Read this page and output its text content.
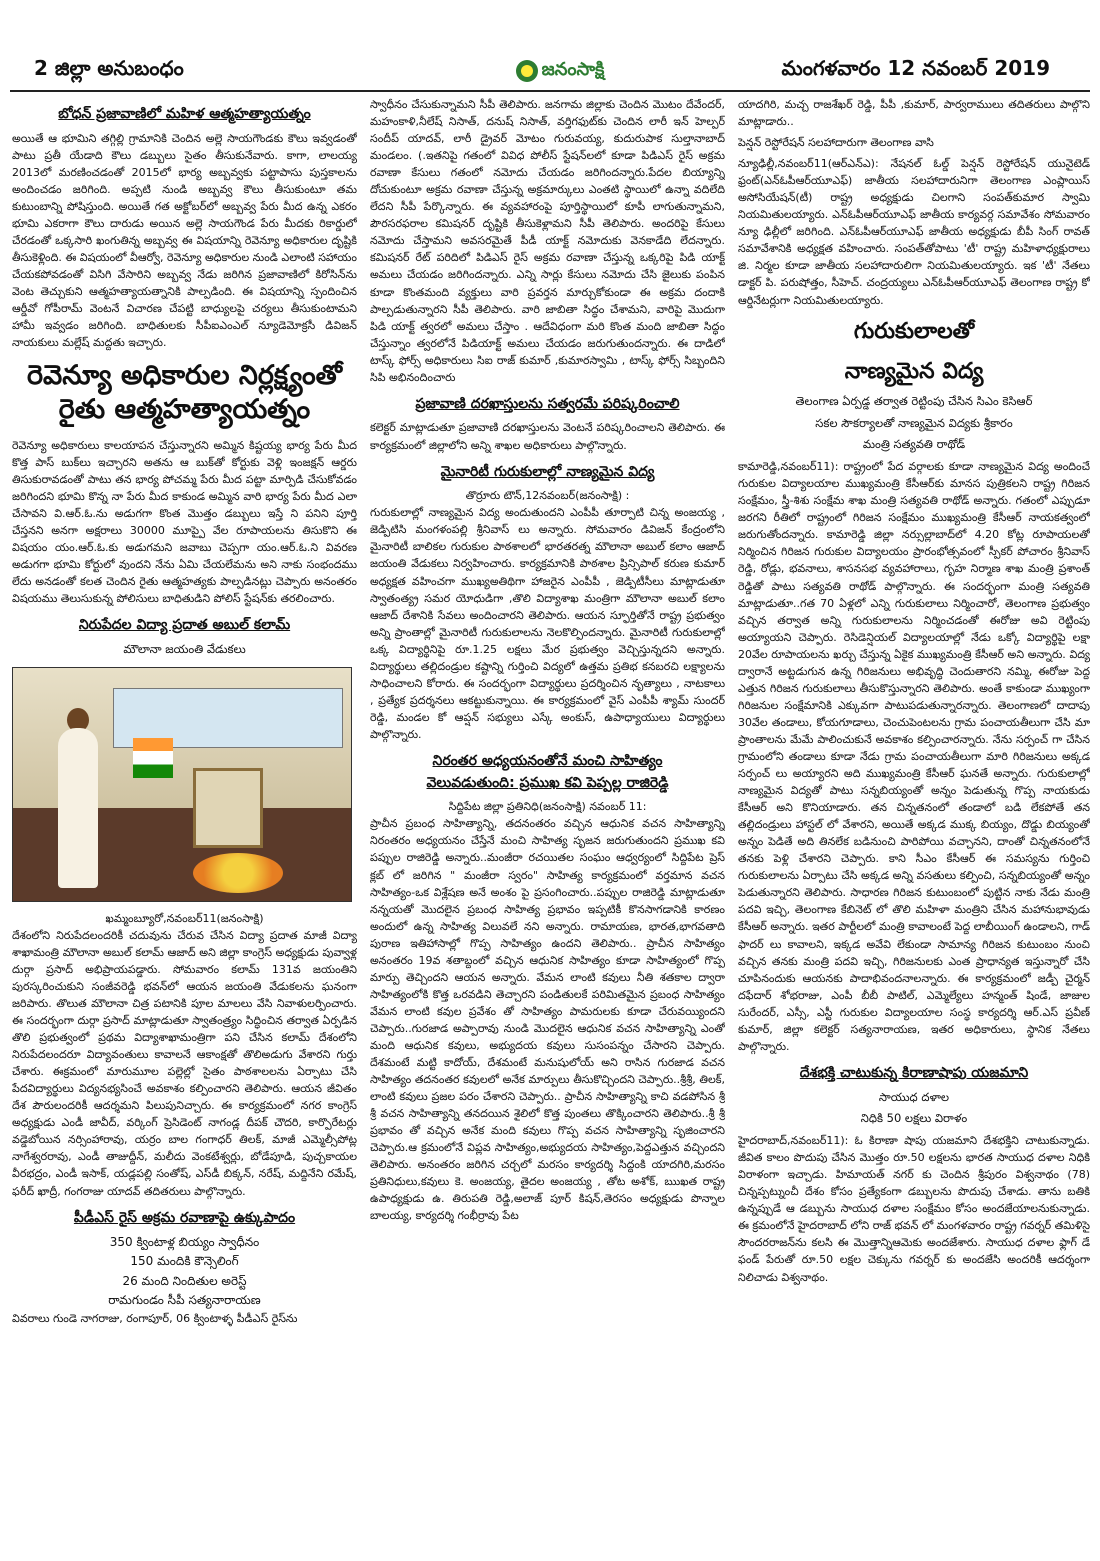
2 జిల్లా అనుబంధం	జనంసాక్షి	మంగళవారం 12 నవంబర్ 2019
బోధన్ ప్రజావాణిలో మహిళ ఆత్మహత్యాయత్నం

అయితే ఆ భూమిని తగ్గిల్లి గ్రామానికి చెందిన అల్లె సాయగౌండకు కౌలు ఇవ్వడంతో పాటు ప్రతీ యేడాది కౌలు డబ్బులు సైతం తీసుకునేవారు. కాగా, లాలయ్య 2013లో మరణించడంతో 2015లో భార్య అబ్బవ్వకు పట్టాపాసు పుస్తకాలను అందించడం జరిగింది. అప్పటి నుండి అబ్బవ్వ కౌలు తీసుకుంటూ తమ కుటుంబాన్ని పోషిస్తుంది. అయితే గత అక్టోబర్‌లో అబ్బవ్వ పేరు మీద ఉన్న ఎకరం భూమి ఎకరాగా కౌలు దారుడు అయిన అల్లె సాయగౌండ పేరు మీదకు రికార్డులో చేరడంతో ఒక్కసారి ఖంగుతిన్న అబ్బవ్వ ఈ విషయాన్ని రెవెన్యూ అధికారుల దృష్టికి తీసుకెళ్లింది. ఈ విషయంలో వీఆర్వో, రెవెన్యూ అధికారుల నుండి ఎలాంటి సహాయం చేయకపోవడంతో విసిగి వేసారిని అబ్బవ్వ నేడు జరిగిన ప్రజావాణిలో కిరోసిన్‌ను వెంట తెచ్చుకుని ఆత్మహత్యాయత్నానికి పాల్పడింది. ఈ విషయాన్ని స్పందించిన ఆర్డీవో గోపీరామ్ వెంటనే విచారణ చేపట్టి బాధ్యులపై చర్యలు తీసుకుంటామని హామీ ఇవ్వడం జరిగింది. బాధితులకు సీపీఐఎంఎల్ న్యూడెమోక్రసీ డివిజన్ నాయకులు మల్లేష్ మద్దతు ఇచ్చారు.

రెవెన్యూ అధికారుల నిర్లక్ష్యంతో
రైతు ఆత్మహత్యాయత్నం

రెవెన్యూ అధికారులు కాలయాపన చేస్తున్నారని అమ్మిన కిష్టయ్య భార్య పేరు మీద కొత్త పాస్ బుక్‌లు ఇచ్చారని అతను ఆ బుక్‌తో కోర్టుకు వెళ్లి ఇంజక్షన్ ఆర్డరు తిసుకురావడంతో పాటు తన భార్య పోచమ్మ పేరు మీద పట్టా మార్పిడి చేసుకోవడం జరిగిందని భూమి కొన్న నా పేరు మీద కాకుండ అమ్మిన వారి భార్య పేరు మీద ఎలా చేసావని వి.ఆర్.ఓ.ను అడుగగా కొంత మొత్తం డబ్బులు ఇస్తే ని పనిని పూర్తి చేస్తనని అనగా అక్షరాలు 30000 మూప్పై వేల రూపాయలను తిసుకొని ఈ విషయం యం.ఆర్.ఓ.కు అడుగమని జవాబు చెప్పగా యం.ఆర్.ఓ.ని వివరణ అడుగగా భూమి కోర్టులో వుందని నేను ఏమి చేయలేమను అని నాకు సంభందము లేదు అనడంతో కలత చెందిన రైతు ఆత్మహత్యకు పాల్పడినట్లు చెప్పారు అనంతరం విషయము తెలుసుకున్న పోలిసులు బాధితుడిని పోలిస్ స్టేషన్‌కు తరలించారు.

నిరుపేదల విద్యా ప్రదాత అబుల్ కలామ్
మౌలానా జయంతి వేడుకలు
ఖమ్మంబ్యూరో,నవంబర్11(జనంసాక్షి)

దేశంలోని నిరుపేదలందరికీ చదువును చేరువ చేసిన విద్యా ప్రదాత మాజీ విద్యా శాఖామంత్రి మౌలానా అబుల్ కలామ్ ఆజాద్ అని జిల్లా కాంగ్రెస్ అధ్యక్షుడు పువ్వాళ్ల దుర్గా ప్రసాద్ అభిప్రాయపడ్డారు. సోమవారం కలామ్ 131వ జయంతిని పురస్కరించుకుని సంజీవరెడ్డి భవన్‌లో ఆయన జయంతి వేడుకలను ఘనంగా జరిపారు. తొలుత మౌలానా చిత్ర పటానికి పూల మాలలు వేసి నివాళులర్పించారు. ఈ సందర్భంగా దుర్గా ప్రసాద్ మాట్లాడుతూ స్వాతంత్ర్యం సిద్ధించిన తర్వాత ఏర్పడిన తొలి ప్రభుత్వంలో ప్రథమ విద్యాశాఖామంత్రిగా పని చేసిన కలామ్ దేశంలోని నిరుపేదలందరూ విద్యావంతులు కావాలనే ఆకాంక్షతో తొలిఅడుగు వేశారని గుర్తు చేశారు. ఈక్రమంలో మారుమూల పల్లెల్లో సైతం పాఠశాలలను ఏర్పాటు చేసి పేదవిద్యార్థులు విద్యనభ్యసించే అవకాశం కల్పించారని తెలిపారు. ఆయన జీవితం దేశ పౌరులందరికీ ఆదర్శమని పిలుపునిచ్చారు. ఈ కార్యక్రమంలో నగర కాంగ్రెస్ అధ్యక్షుడు ఎండీ జావీద్, వర్కింగ్ ప్రెసిడెంట్ నాగండ్ల దీపక్ చౌదరి, కార్పొరేటర్లు వడ్డెబోయిన నర్సింహారావు, యర్రం బాల గంగాధర్ తిలక్, మాజీ ఎమ్మెల్సీపోట్ల నాగేశ్వరరావు, ఎండీ తాజుద్దీన్, మలీదు వెంకటేశ్వర్లు, బోడేపూడి, పుచ్చకాయల వీరభద్రం, ఎండీ ఇసాక్, యడ్లపల్లి సంతోష్, ఎస్‌డీ బిక్కన్, నరేష్, మద్దినేని రమేష్, ఫరీద్ ఖాద్రీ, గంగరాజు యాదవ్ తదితరులు పాల్గొన్నారు.

పీడీఎస్ రైస్ అక్రమ రవాణాపై ఉక్కుపాదం
350 క్వింటాళ్ల బియ్యం స్వాధీనం
150 మందికి కౌన్సెలింగ్
26 మంది నిందితుల అరెస్ట్
రామగుండం సీపీ సత్యనారాయణ

వివరాలు గుండె నాగరాజు, రంగాపూర్, 06 క్వింటాళ్ళ పీడీఎస్ రైస్‌ను

స్వాధీనం చేసుకున్నామని సీపీ తెలిపారు. జనగామ జిల్లాకు చెందిన మొటం దేవేందర్, మహంకాళి,నీలేష్ నిసాత్, దనుష్ నిసాత్, వర్తిగఫుట్‌కు చెందిన లారీ ఇన్ హెల్పర్ సందీప్ యాదవ్, లారీ డ్రైవర్ మోటం గురువయ్య, కుదురుపాక సుల్తానాబాద్ మండలం. (.ఇతనిపై గతంలో వివిధ పోలీస్ స్టేషన్‌లలో కూడా పిడిఎస్ రైస్ అక్రమ రవాణా కేసులు గతంలో నమోదు చేయడం జరిగిందన్నారు.పేదల బియ్యాన్ని దోచుకుంటూ అక్రమ రవాణా చేస్తున్న అక్రమార్కులు ఎంతటి స్థాయిలో ఉన్నా వదిలేది లేదని సీపీ పేర్కొన్నారు. ఈ వ్యవహారంపై పూర్తిస్థాయిలో కూపీ లాగుతున్నామని, పౌరసరఫరాల కమిషనర్ దృష్టికి తీసుకెళ్లామని సీపీ తెలిపారు. అందరిపై కేసులు నమోదు చేస్తామని అవసరమైతే పీడీ యాక్ట్ నమోదుకు వెనకాడేది లేదన్నారు. కమిషనర్ రేట్ పరిదిలో పిడిఎస్ రైస్ అక్రమ రవాణా చేస్తున్న ఒక్కరిపై పిడి యాక్ట్ అమలు చేయడం జరిగిందన్నారు. ఎన్ని సార్లు కేసులు నమోదు చేసి జైలుకు పంపిన కూడా కొంతమంది వ్యక్తులు వారి ప్రవర్తన మార్చుకోకుండా ఈ అక్రమ దందాకి పాల్పడుతున్నారని సీపీ తెలిపారు. వారి జాబితా సిద్ధం చేశామని, వారిపై మెుదుగా పిడి యాక్ట్ త్వరలో అమలు చేస్తాం . ఆదేవిధంగా మరి కొంత మంది జాబితా సిద్ధం చేస్తున్నాం త్వరలోనే పిడియాక్ట్ అమలు చేయడం జరుగుతుందన్నారు. ఈ దాడిలో టాస్క్ ఫోర్స్ అధికారులు సిఐ రాజ్ కుమార్ ,కుమారస్వామి , టాస్క్ ఫోర్స్ సిబ్బందిని సిపి అభినందించారు

ప్రజావాణి దరఖాస్తులను సత్వరమే పరిష్కరించాలి

కలెక్టర్ మాట్లాడుతూ ప్రజావాణి దరఖాస్తులను వెంటనే పరిష్కరించాలని తెలిపారు. ఈ కార్యక్రమంలో జిల్లాలోని అన్ని శాఖల అధికారులు పాల్గొన్నారు.

మైనారిటీ గురుకులాల్లో నాణ్యమైన విద్య
తొర్రూరు టౌన్,12నవంబర్(జనంసాక్షి) :

గురుకులాల్లో నాణ్యమైన విద్య అందుతుందని ఎంపీపీ తూర్పాటి చిన్న అంజయ్య , జెడ్పిటిసి మంగళంపల్లి శ్రీనివాస్ లు అన్నారు. సోమవారం డివిజన్ కేంద్రంలోని మైనారిటీ బాలికల గురుకుల పాఠశాలలో భారతరత్న మౌలానా అబుల్ కలాం ఆజాద్ జయంతి వేడుకలు నిర్వహించారు. కార్యక్రమానికి పాఠశాల ప్రిన్సిపాల్ కరుణ కుమార్ అధ్యక్షత వహించగా ముఖ్యఅతిథిగా హాజరైన ఎంపీపీ , జెడ్పిటీసీలు మాట్లాడుతూ స్వాతంత్య్ర సమర యోధుడిగా ,తొలి విద్యాశాఖ మంత్రిగా మౌలానా అబుల్ కలాం ఆజాద్ దేశానికి సేవలు అందించారని తెలిపారు. ఆయన స్ఫూర్తితోనే రాష్ట్ర ప్రభుత్వం అన్ని ప్రాంతాల్లో మైనారిటీ గురుకులాలను నెలకొల్పిందన్నారు. మైనారిటీ గురుకులాల్లో ఒక్క విద్యార్థినిపై రూ.1.25 లక్షలు మేర ప్రభుత్వం వెచ్చిస్తున్నదని అన్నారు. విద్యార్థులు తల్లిదండ్రుల కష్టాన్ని గుర్తించి విద్యలో ఉత్తమ ప్రతిభ కనబరచి లక్ష్యాలను సాధించాలని కోరారు. ఈ సందర్భంగా విద్యార్థులు ప్రదర్శించిన నృత్యాలు , నాటకాలు , ప్రత్యేక ప్రదర్శనలు ఆకట్టుకున్నాయి. ఈ కార్యక్రమంలో వైస్ ఎంపీపీ శ్యామ్ సుందర్ రెడ్డి, మండల కో ఆప్షన్ సభ్యులు ఎస్కే అంకుస్, ఉపాధ్యాయులు విద్యార్థులు పాల్గొన్నారు.

నిరంతర అధ్యయనంతోనే మంచి సాహిత్యం
వెలువడుతుంది: ప్రముఖ కవి పెప్పల్ల రాజిరెడ్డి
సిద్దిపేట జిల్లా ప్రతినిధి(జనంసాక్షి) నవంబర్ 11:

ప్రాచీన ప్రబంధ సాహిత్యాన్ని, తదనంతరం వచ్చిన ఆధునిక వచన సాహిత్యాన్ని నిరంతరం అధ్యయనం చేస్తేనే మంచి సాహిత్య సృజన జరుగుతుందని ప్రముఖ కవి పప్పుల రాజిరెడ్డి అన్నారు..మంజీరా రచయితల సంఘం ఆధ్వర్యంలో సిద్దిపేట ప్రెస్ క్లబ్ లో జరిగిన " మంజీరా స్వరం" సాహిత్య కార్యక్రమంలో వర్తమాన వచన సాహిత్యం-ఒక విశ్లేషణ అనే అంశం పై ప్రసంగించారు..పప్పుల రాజిరెడ్డి మాట్లాడుతూ నన్నయతో మొదలైన ప్రబంధ సాహిత్య ప్రభావం ఇప్పటికీ కొనసాగడానికి కారణం అందులో ఉన్న సాహిత్య విలువలే నని అన్నారు. రామాయణ, భారత,భాగవతాది పురాణ ఇతిహాసాల్లో గొప్ప సాహిత్యం ఉందని తెలిపారు.. ప్రాచీన సాహిత్యం అనంతరం 19వ శతాబ్దంలో వచ్చిన ఆధునిక సాహిత్యం కూడా సాహిత్యంలో గొప్ప మార్పు తెచ్చిందని ఆయన అన్నారు. వేమన లాంటి కవులు నీతి శతకాల ద్వారా సాహిత్యంలోకి కొత్త ఒరవడిని తెచ్చారని పండితులకే పరిమితమైన ప్రబంధ సాహిత్యం వేమన లాంటి కవుల ప్రవేశం తో సాహిత్యం పామరులకు కూడా చేరువయ్యిందని చెప్పారు..గురజాడ అప్పారావు నుండి మొదలైన ఆధునిక వచన సాహిత్యాన్ని ఎంతో మంది ఆధునిక కవులు, అభ్యుదయ కవులు సుసంపన్నం చేసారని చెప్పారు. దేశమంటే మట్టి కాదోయ్, దేశమంటే మనుషులోయ్ అని రాసిన గురజాడ వచన సాహిత్యం తదనంతర కవులలో అనేక మార్పులు తీసుకొచ్చిందని చెప్పారు..శ్రీశ్రీ, తిలక్, లాంటి కవులు ప్రజల పరం చేశారని చెప్పారు.. ప్రాచీన సాహిత్యాన్ని కాచి వడపోసిన శ్రీ శ్రీ వచన సాహిత్యాన్ని తనదయిన శైలిలో కొత్త పుంతలు తొక్కించారని తెలిపారు..శ్రీ శ్రీ ప్రభావం తో వచ్చిన అనేక మంది కవులు గొప్ప వచన సాహిత్యాన్ని సృజించారని చెప్పారు.ఆ క్రమంలోనే విప్లవ సాహిత్యం,అభ్యుదయ సాహిత్యం,పెద్దఎత్తున వచ్చిందని తెలిపారు. అనంతరం జరిగిన చర్చలో మరసం కార్యదర్శి సిద్దంకి యాదగిరి,మరసం ప్రతినిధులు,కవులు కె. అంజయ్య, తైదల అంజయ్య , తోట అశోక్, ఋఖత రాష్ట్ర ఉపాధ్యక్షుడు ఉ. తిరుపతి రెడ్డి,అలాజ్ పూర్ కిషన్,తెరసం అధ్యక్షుడు పొన్నాల బాలయ్య, కార్యదర్శి గంభీర్రావు పేట

యాదగిరి, మచ్చ రాజశేఖర్ రెడ్డి, పీపీ ,కుమార్, పార్వరాములు తదితరులు పాల్గొని మాట్లాడారు..

పెన్షన్ రెస్టోరేషన్ సలహాదారుగా తెలంగాణ వాసి

న్యూఢిల్లీ,నవంబర్11(ఆర్ఎన్ఎ): నేషనల్ ఓల్డ్ పెన్షన్ రెస్టోరేషన్ యునైటెడ్ ఫ్రంట్(ఎన్ఓపీఆర్‌యూఎఫ్) జాతీయ సలహాదారునిగా తెలంగాణ ఎంప్లాయిస్ అసోసియేషన్(టీ) రాష్ట్ర అధ్యక్షుడు చిలగాని సంపత్‌కుమార స్వామి నియమితులయ్యారు. ఎన్ఓపీఆర్‌యూఎఫ్ జాతీయ కార్యవర్గ సమావేశం సోమవారం న్యూ ఢిల్లీలో జరిగింది. ఎన్ఓపీఆర్‌యూఎఫ్ జాతీయ అధ్యక్షుడు బీపీ సింగ్ రావత్ సమావేశానికి అధ్యక్షత వహించారు. సంపత్‌తోపాటు 'టీ' రాష్ట్ర మహిళాధ్యక్షురాలు జి. నిర్మల కూడా జాతీయ సలహాదారులిగా నియమితులయ్యారు. ఇక 'టీ' నేతలు డాక్టర్ పి. పరుషోత్తం, సీహెచ్. చంద్రయ్యలు ఎన్ఓపీఆర్‌యూఎఫ్ తెలంగాణ రాష్ట్ర కో ఆర్డినేటర్లుగా నియమితులయ్యారు.

గురుకులాలతో
నాణ్యమైన విద్య
తెలంగాణ ఏర్పడ్డ తర్వాత రెట్టింపు చేసిన సిఎం కెసిఆర్
సకల సౌకర్యాలతో నాణ్యమైన విద్యకు శ్రీకారం
మంత్రి సత్యవతి రాథోడ్

కామారెడ్డి,నవంబర్11): రాష్ట్రంలో పేద వర్గాలకు కూడా నాణ్యమైన విద్య అందించే గురుకుల విద్యాలయాల ముఖ్యమంత్రి కేసీఆర్‌కు మానస పుత్రికలని రాష్ట్ర గిరిజన సంక్షేమం, స్త్రీ-శిశు సంక్షేమ శాఖ మంత్రి సత్యవతి రాథోడ్ అన్నారు. గతంలో ఎప్పుడూ జరగని రీతిలో రాష్ట్రంలో గిరిజన సంక్షేమం ముఖ్యమంత్రి కేసీఆర్ నాయకత్వంలో జరుగుతోందన్నారు. కామారెడ్డి జిల్లా నర్సుల్లాబాద్‌లో 4.20 కోట్ల రూపాయలతో నిర్మించిన గిరిజన గురుకుల విద్యాలయం ప్రారంభోత్సవంలో స్పీకర్ పోచారం శ్రీనివాస్ రెడ్డి, రోడ్లు, భవనాలు, శాసనసభ వ్యవహారాలు, గృహ నిర్మాణ శాఖ మంత్రి ప్రశాంత్ రెడ్డితో పాటు సత్యవతి రాథోడ్ పాల్గొన్నారు. ఈ సందర్భంగా మంత్రి సత్యవతి మాట్లాడుతూ..గత 70 ఏళ్లలో ఎన్ని గురుకులాలు నిర్మించారో, తెలంగాణ ప్రభుత్వం వచ్చిన తర్వాత అన్ని గురుకులాలను నిర్మించడంతో ఈరోజు అవి రెట్టింపు అయ్యాయని చెప్పారు. రెసిడెన్షియల్ విద్యాలయాల్లో నేడు ఒక్కో విద్యార్థిపై లక్షా 20వేల రూపాయలను ఖర్చు చేస్తున్న ఏకైక ముఖ్యమంత్రి కేసీఆర్ అని అన్నారు. విద్య ద్వారానే అట్టడుగున ఉన్న గిరిజనులు అభివృద్ధి చెందుతారని నమ్మి, ఈరోజు పెద్ద ఎత్తున గిరిజన గురుకులాలు తీసుకొస్తున్నారని తెలిపారు. అంతే కాకుండా ముఖ్యంగా గిరిజనుల సంక్షేమానికి ఎక్కువగా పాటుపడుతున్నారన్నారు. తెలంగాణలో దాదాపు 30వేల తండాలు, కోయగూడాలు, చెంచుపెంటలను గ్రామ పంచాయతీలుగా చేసి మా ప్రాంతాలను మేమే పాలించుకునే అవకాశం కల్పించారన్నారు. నేను సర్పంచ్ గా చేసిన గ్రామంలోని తండాలు కూడా నేడు గ్రామ పంచాయతీలుగా మారి గిరిజనులు అక్కడ సర్పంచ్ లు అయ్యారని అది ముఖ్యమంత్రి కేసీఆర్ ఘనతే అన్నారు. గురుకులాల్లో నాణ్యమైన విద్యతో పాటు సన్నబియ్యంతో అన్నం పెడుతున్న గొప్ప నాయకుడు కేసీఆర్ అని కొనియాడారు. తన చిన్నతనంలో తండాలో బడి లేకపోతే తన తల్లిదండ్రులు హాస్టల్ లో వేశారని, అయితే అక్కడ ముక్క బియ్యం, దొడ్డు బియ్యంతో అన్నం పెడితే అది తినలేక బడినుంచి పారిపోయి వచ్చానని, దాంతో చిన్నతనంలోనే తనకు పెళ్లి చేశారని చెప్పారు. కాని సీఎం కేసీఆర్ ఈ సమస్యను గుర్తించి గురుకులాలను ఏర్పాటు చేసి అక్కడ అన్ని వసతులు కల్పించి, సన్నబియ్యంతో అన్నం పెడుతున్నారని తెలిపారు. సాధారణ గిరిజన కుటుంబంలో పుట్టిన నాకు నేడు మంత్రి పదవి ఇచ్చి, తెలంగాణ కేబినెట్ లో తొలి మహిళా మంత్రిని చేసిన మహానుభావుడు కేసీఆర్ అన్నారు. ఇతర పార్టీలలో మంత్రి కావాలంటే పెద్ద లాబీయింగ్ ఉండాలని, గాడ్ ఫాదర్ లు కావాలని, ఇక్కడ అవేవి లేకుండా సామాన్య గిరిజన కుటుంబం నుంచి వచ్చిన తనకు మంత్రి పదవి ఇచ్చి, గిరిజనులకు ఎంత ప్రాధాన్యత ఇస్తున్నారో చేసి చూపినందుకు ఆయనకు పాదాభివందనాలన్నారు. ఈ కార్యక్రమంలో జడ్పీ చైర్మన్ దఫేదార్ శోభరాజు, ఎంపీ బీబీ పాటిల్, ఎమ్మెల్యేలు హన్మంత్ షిండే, జాజుల సురేందర్, ఎస్సీ, ఎస్టీ గురుకుల విద్యాలయాల సంస్థ కార్యదర్శి ఆర్.ఎస్ ప్రవీణ్ కుమార్, జిల్లా కలెక్టర్ సత్యనారాయణ, ఇతర అధికారులు, స్థానిక నేతలు పాల్గొన్నారు.

దేశభక్తి చాటుకున్న కిరాణాషాపు యజమాని
సాయుధ దళాల
నిధికి 50 లక్షలు విరాళం

హైదరాబాద్,నవంబర్11): ఓ కిరాణా షాపు యజమాని దేశభక్తిని చాటుకున్నాడు. జీవిత కాలం పొదుపు చేసిన మొత్తం రూ.50 లక్షలను భారత సాయుధ దళాల నిధికి విరాళంగా ఇచ్చాడు. హిమాయత్ నగర్ కు చెందిన శ్రీపురం విశ్వనాథం (78) చిన్నప్పట్నుంచీ దేశం కోసం ప్రత్యేకంగా డబ్బులను పొదుపు చేశాడు. తాను బతికి ఉన్నప్పుడే ఆ డబ్బును సాయుధ దళాల సంక్షేమం కోసం అందజేయాలనుకున్నాడు. ఈ క్రమంలోనే హైదరాబాద్ లోని రాజ్ భవన్ లో మంగళవారం రాష్ట్ర గవర్నర్ తమిళిసై సౌందరరాజన్‌ను కలసి ఈ మొత్తాన్నిఆమెకు అందజేశారు. సాయుధ దళాల ఫ్లాగ్ డే ఫండ్ పేరుతో రూ.50 లక్షల చెక్కును గవర్నర్ కు అందజేసి అందరికీ ఆదర్శంగా నిలిచాడు విశ్వనాథం.
